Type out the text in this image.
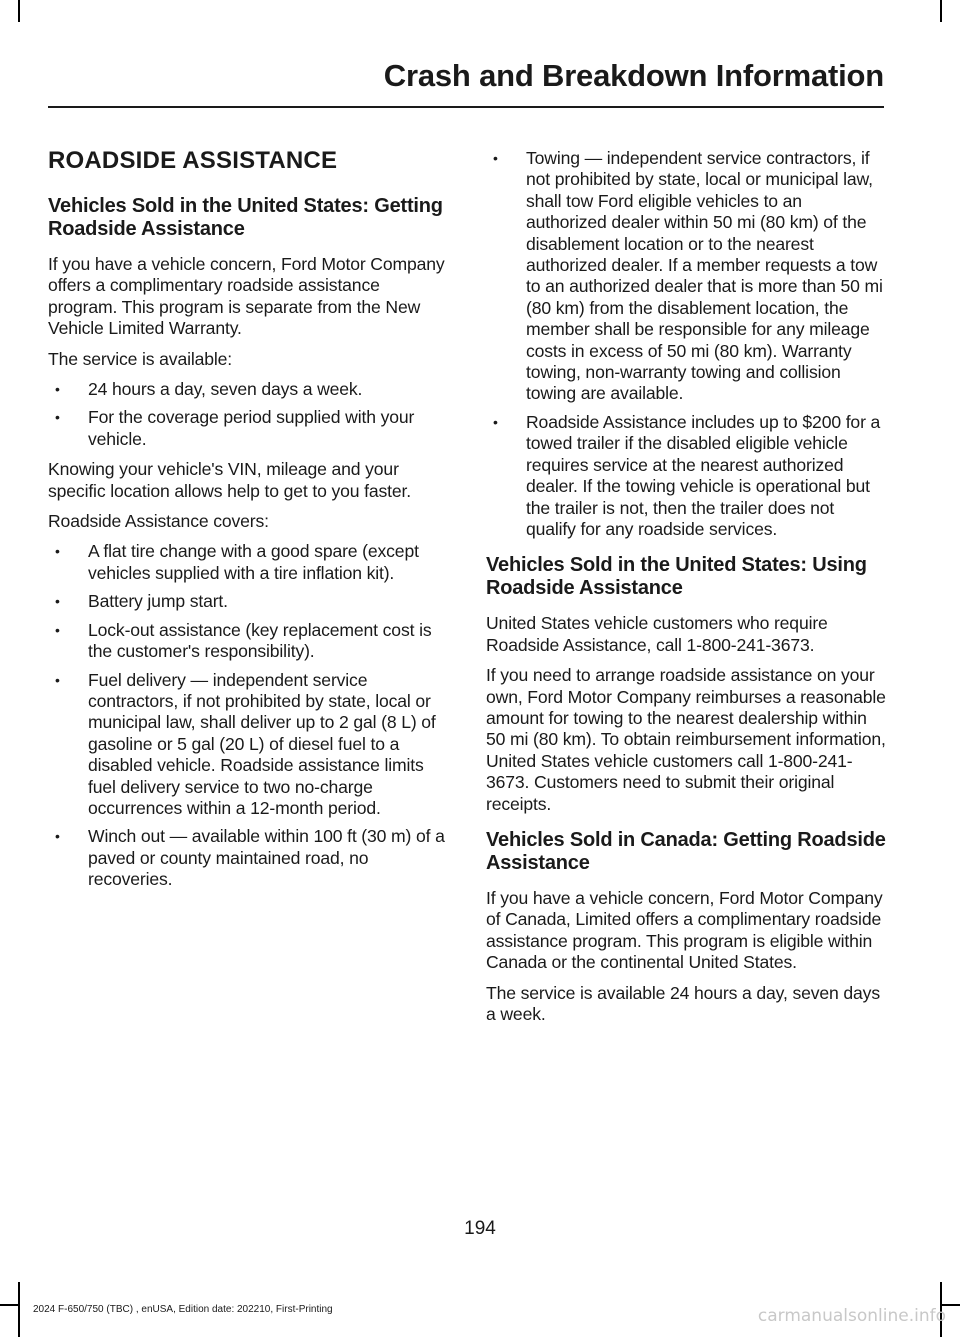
Crash and Breakdown Information
ROADSIDE ASSISTANCE
Vehicles Sold in the United States: Getting Roadside Assistance

If you have a vehicle concern, Ford Motor Company offers a complimentary roadside assistance program. This program is separate from the New Vehicle Limited Warranty.

The service is available:

• 24 hours a day, seven days a week.
• For the coverage period supplied with your vehicle.

Knowing your vehicle's VIN, mileage and your specific location allows help to get to you faster.

Roadside Assistance covers:

• A flat tire change with a good spare (except vehicles supplied with a tire inflation kit).
• Battery jump start.
• Lock-out assistance (key replacement cost is the customer's responsibility).
• Fuel delivery — independent service contractors, if not prohibited by state, local or municipal law, shall deliver up to 2 gal (8 L) of gasoline or 5 gal (20 L) of diesel fuel to a disabled vehicle. Roadside assistance limits fuel delivery service to two no-charge occurrences within a 12-month period.
• Winch out — available within 100 ft (30 m) of a paved or county maintained road, no recoveries.
• Towing — independent service contractors, if not prohibited by state, local or municipal law, shall tow Ford eligible vehicles to an authorized dealer within 50 mi (80 km) of the disablement location or to the nearest authorized dealer. If a member requests a tow to an authorized dealer that is more than 50 mi (80 km) from the disablement location, the member shall be responsible for any mileage costs in excess of 50 mi (80 km). Warranty towing, non-warranty towing and collision towing are available.
• Roadside Assistance includes up to $200 for a towed trailer if the disabled eligible vehicle requires service at the nearest authorized dealer. If the towing vehicle is operational but the trailer is not, then the trailer does not qualify for any roadside services.
Vehicles Sold in the United States: Using Roadside Assistance

United States vehicle customers who require Roadside Assistance, call 1-800-241-3673.

If you need to arrange roadside assistance on your own, Ford Motor Company reimburses a reasonable amount for towing to the nearest dealership within 50 mi (80 km). To obtain reimbursement information, United States vehicle customers call 1-800-241-3673. Customers need to submit their original receipts.

Vehicles Sold in Canada: Getting Roadside Assistance

If you have a vehicle concern, Ford Motor Company of Canada, Limited offers a complimentary roadside assistance program. This program is eligible within Canada or the continental United States.

The service is available 24 hours a day, seven days a week.

194
2024 F-650/750 (TBC) , enUSA, Edition date: 202210, First-Printing	carmanualsonline.info
